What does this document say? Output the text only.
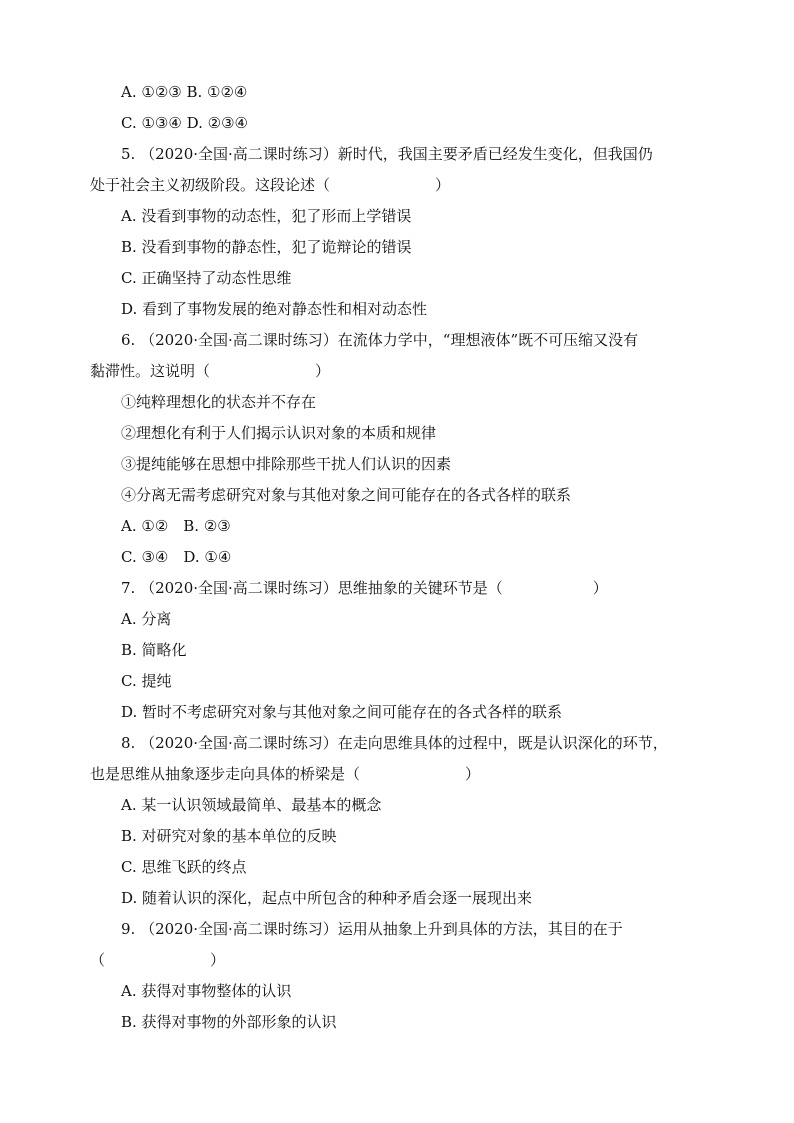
A. ①②③ B. ①②④
C. ①③④ D. ②③④
5. （2020·全国·高二课时练习）新时代，我国主要矛盾已经发生变化，但我国仍
处于社会主义初级阶段。这段论述（　　　　　　　）
A. 没看到事物的动态性，犯了形而上学错误
B. 没看到事物的静态性，犯了诡辩论的错误
C. 正确坚持了动态性思维
D. 看到了事物发展的绝对静态性和相对动态性
6. （2020·全国·高二课时练习）在流体力学中，“理想液体”既不可压缩又没有
黏滞性。这说明（　　　　　　　）
①纯粹理想化的状态并不存在
②理想化有利于人们揭示认识对象的本质和规律
③提纯能够在思想中排除那些干扰人们认识的因素
④分离无需考虑研究对象与其他对象之间可能存在的各式各样的联系
A. ①②　B. ②③
C. ③④　D. ①④
7. （2020·全国·高二课时练习）思维抽象的关键环节是（　　　　　　）
A. 分离
B. 简略化
C. 提纯
D. 暂时不考虑研究对象与其他对象之间可能存在的各式各样的联系
8. （2020·全国·高二课时练习）在走向思维具体的过程中，既是认识深化的环节，
也是思维从抽象逐步走向具体的桥梁是（　　　　　　　）
A. 某一认识领域最简单、最基本的概念
B. 对研究对象的基本单位的反映
C. 思维飞跃的终点
D. 随着认识的深化，起点中所包含的种种矛盾会逐一展现出来
9. （2020·全国·高二课时练习）运用从抽象上升到具体的方法，其目的在于
（　　　　　　　）
A. 获得对事物整体的认识
B. 获得对事物的外部形象的认识
